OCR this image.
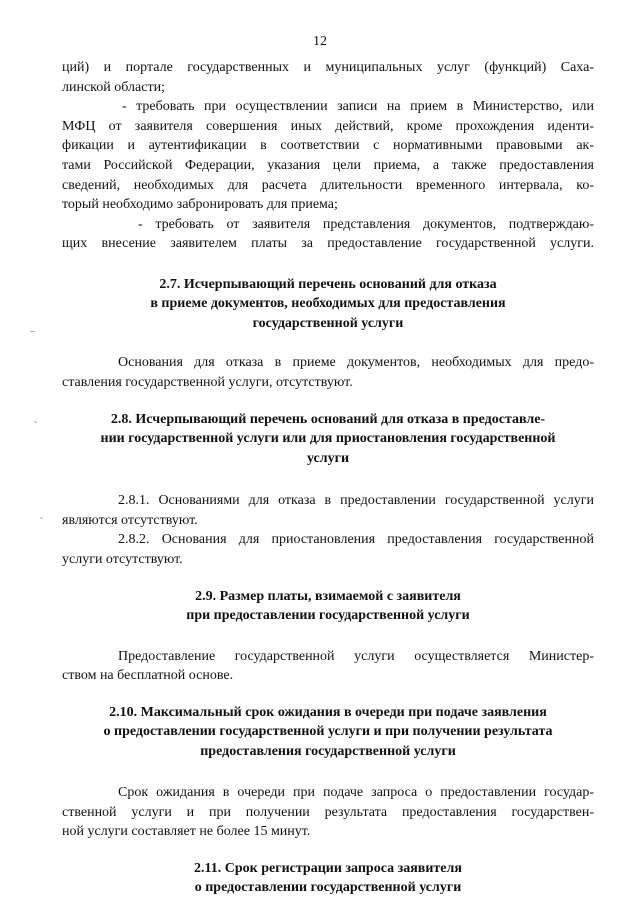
12
–
˜
˘
ций) и портале государственных и муниципальных услуг (функций) Саха-
линской области;
- требовать при осуществлении записи на прием в Министерство, или
МФЦ от заявителя совершения иных действий, кроме прохождения иденти-
фикации и аутентификации в соответствии с нормативными правовыми ак-
тами Российской Федерации, указания цели приема, а также предоставления
сведений, необходимых для расчета длительности временного интервала, ко-
торый необходимо забронировать для приема;
- требовать от заявителя представления документов, подтверждаю-
щих внесение заявителем платы за предоставление государственной услуги.
2.7. Исчерпывающий перечень оснований для отказа
в приеме документов, необходимых для предоставления
государственной услуги
Основания для отказа в приеме документов, необходимых для предо-
ставления государственной услуги, отсутствуют.
2.8. Исчерпывающий перечень оснований для отказа в предоставле-
нии государственной услуги или для приостановления государственной
услуги
2.8.1. Основаниями для отказа в предоставлении государственной услуги
являются отсутствуют.
2.8.2. Основания для приостановления предоставления государственной
услуги отсутствуют.
2.9. Размер платы, взимаемой с заявителя
при предоставлении государственной услуги
Предоставление государственной услуги осуществляется Министер-
ством на бесплатной основе.
2.10. Максимальный срок ожидания в очереди при подаче заявления
о предоставлении государственной услуги и при получении результата
предоставления государственной услуги
Срок ожидания в очереди при подаче запроса о предоставлении государ-
ственной услуги и при получении результата предоставления государствен-
ной услуги составляет не более 15 минут.
2.11. Срок регистрации запроса заявителя
о предоставлении государственной услуги
